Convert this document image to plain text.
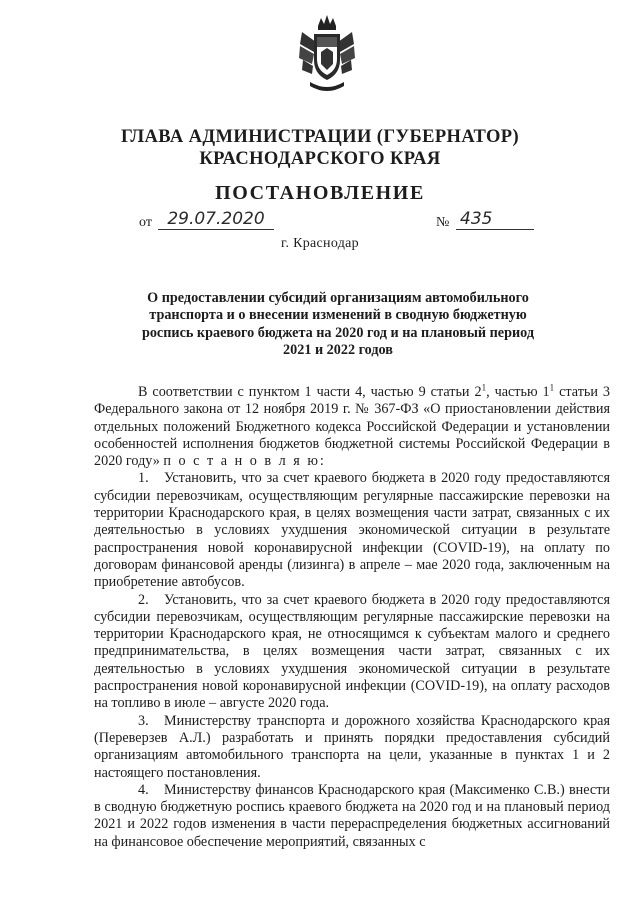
ГЛАВА АДМИНИСТРАЦИИ (ГУБЕРНАТОР)
КРАСНОДАРСКОГО КРАЯ
ПОСТАНОВЛЕНИЕ
от 29.07.2020	№ 435
г. Краснодар
О предоставлении субсидий организациям автомобильного транспорта и о внесении изменений в сводную бюджетную роспись краевого бюджета на 2020 год и на плановый период 2021 и 2022 годов

В соответствии с пунктом 1 части 4, частью 9 статьи $2^1$, частью $1^1$ статьи 3 Федерального закона от 12 ноября 2019 г. № 367-ФЗ «О приостановлении действия отдельных положений Бюджетного кодекса Российской Федерации и установлении особенностей исполнения бюджетов бюджетной системы Российской Федерации в 2020 году» п о с т а н о в л я ю:

1. Установить, что за счет краевого бюджета в 2020 году предоставляются субсидии перевозчикам, осуществляющим регулярные пассажирские перевозки на территории Краснодарского края, в целях возмещения части затрат, связанных с их деятельностью в условиях ухудшения экономической ситуации в результате распространения новой коронавирусной инфекции (COVID-19), на оплату по договорам финансовой аренды (лизинга) в апреле – мае 2020 года, заключенным на приобретение автобусов.

2. Установить, что за счет краевого бюджета в 2020 году предоставляются субсидии перевозчикам, осуществляющим регулярные пассажирские перевозки на территории Краснодарского края, не относящимся к субъектам малого и среднего предпринимательства, в целях возмещения части затрат, связанных с их деятельностью в условиях ухудшения экономической ситуации в результате распространения новой коронавирусной инфекции (COVID-19), на оплату расходов на топливо в июле – августе 2020 года.

3. Министерству транспорта и дорожного хозяйства Краснодарского края (Переверзев А.Л.) разработать и принять порядки предоставления субсидий организациям автомобильного транспорта на цели, указанные в пунктах 1 и 2 настоящего постановления.

4. Министерству финансов Краснодарского края (Максименко С.В.) внести в сводную бюджетную роспись краевого бюджета на 2020 год и на плановый период 2021 и 2022 годов изменения в части перераспределения бюджетных ассигнований на финансовое обеспечение мероприятий, связанных с
